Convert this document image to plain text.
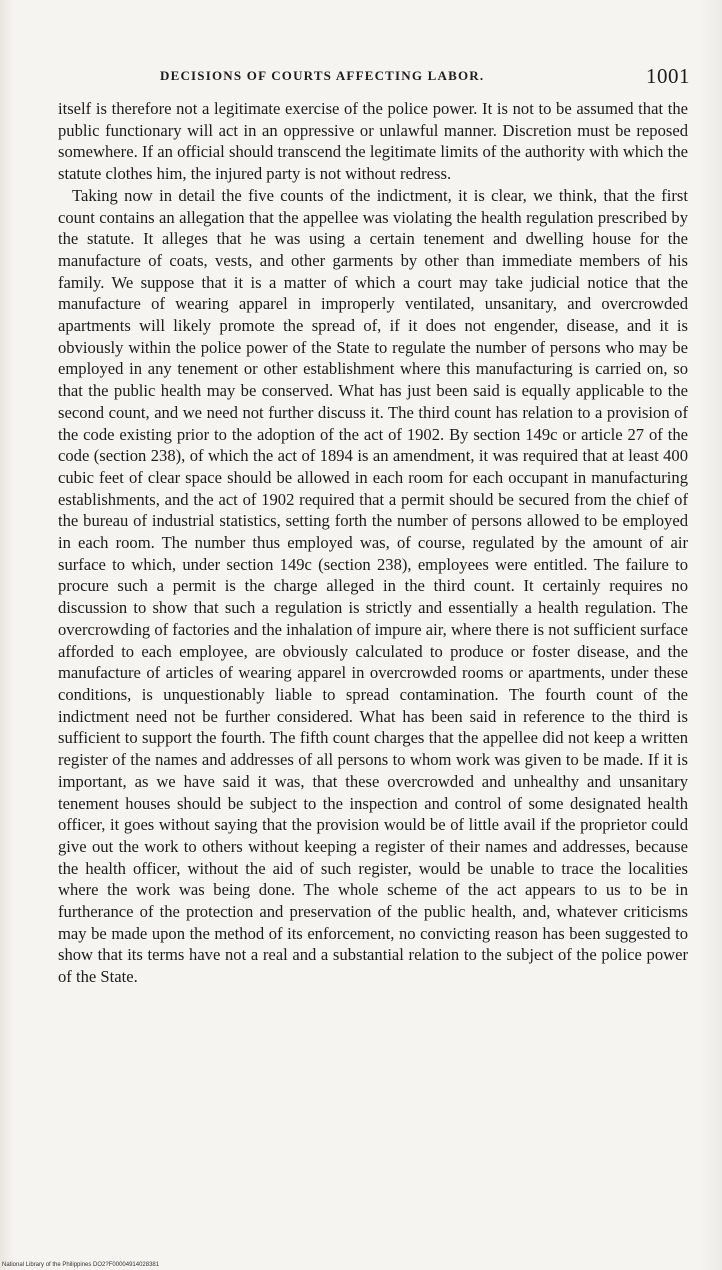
DECISIONS OF COURTS AFFECTING LABOR.	1001

itself is therefore not a legitimate exercise of the police power. It is not to be assumed that the public functionary will act in an oppressive or unlawful manner. Discretion must be reposed somewhere. If an official should transcend the legitimate limits of the authority with which the statute clothes him, the injured party is not without redress.

Taking now in detail the five counts of the indictment, it is clear, we think, that the first count contains an allegation that the appellee was violating the health regulation prescribed by the statute. It alleges that he was using a certain tenement and dwelling house for the manufacture of coats, vests, and other garments by other than immediate members of his family. We suppose that it is a matter of which a court may take judicial notice that the manufacture of wearing apparel in improperly ventilated, unsanitary, and overcrowded apartments will likely promote the spread of, if it does not engender, disease, and it is obviously within the police power of the State to regulate the number of persons who may be employed in any tenement or other establishment where this manufacturing is carried on, so that the public health may be conserved. What has just been said is equally applicable to the second count, and we need not further discuss it. The third count has relation to a provision of the code existing prior to the adoption of the act of 1902. By section 149c or article 27 of the code (section 238), of which the act of 1894 is an amendment, it was required that at least 400 cubic feet of clear space should be allowed in each room for each occupant in manufacturing establishments, and the act of 1902 required that a permit should be secured from the chief of the bureau of industrial statistics, setting forth the number of persons allowed to be employed in each room. The number thus employed was, of course, regulated by the amount of air surface to which, under section 149c (section 238), employees were entitled. The failure to procure such a permit is the charge alleged in the third count. It certainly requires no discussion to show that such a regulation is strictly and essentially a health regulation. The overcrowding of factories and the inhalation of impure air, where there is not sufficient surface afforded to each employee, are obviously calculated to produce or foster disease, and the manufacture of articles of wearing apparel in overcrowded rooms or apartments, under these conditions, is unquestionably liable to spread contamination. The fourth count of the indictment need not be further considered. What has been said in reference to the third is sufficient to support the fourth. The fifth count charges that the appellee did not keep a written register of the names and addresses of all persons to whom work was given to be made. If it is important, as we have said it was, that these overcrowded and unhealthy and unsanitary tenement houses should be subject to the inspection and control of some designated health officer, it goes without saying that the provision would be of little avail if the proprietor could give out the work to others without keeping a register of their names and addresses, because the health officer, without the aid of such register, would be unable to trace the localities where the work was being done. The whole scheme of the act appears to us to be in furtherance of the protection and preservation of the public health, and, whatever criticisms may be made upon the method of its enforcement, no convicting reason has been suggested to show that its terms have not a real and a substantial relation to the subject of the police power of the State.

National Library of the Philippines DO2?F00004914028381
